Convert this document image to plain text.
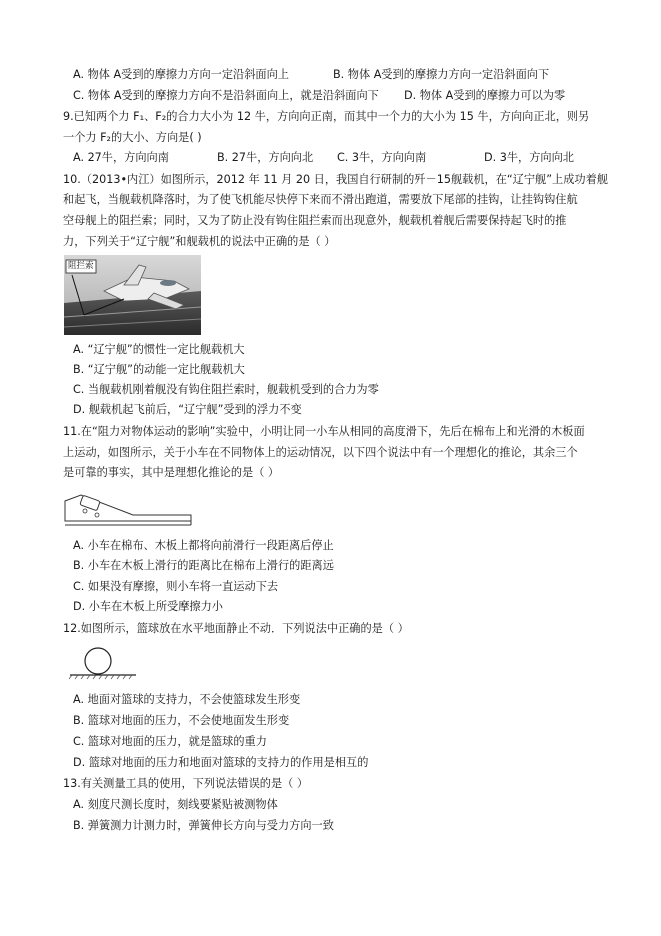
A. 物体 A受到的摩擦力方向一定沿斜面向上	B. 物体 A受到的摩擦力方向一定沿斜面向下
C. 物体 A受到的摩擦力方向不是沿斜面向上，就是沿斜面向下 D. 物体 A受到的摩擦力可以为零
9.已知两个力 F₁、F₂的合力大小为 12 牛，方向向正南，而其中一个力的大小为 15 牛，方向向正北，则另
一个力 F₂的大小、方向是( )
A. 27牛，方向向南	B. 27牛，方向向北 C. 3牛，方向向南	D. 3牛，方向向北
10.（2013•内江）如图所示，2012 年 11 月 20 日，我国自行研制的歼－15舰载机，在“辽宁舰”上成功着舰
和起飞，当舰载机降落时，为了使飞机能尽快停下来而不滑出跑道，需要放下尾部的挂钩，让挂钩钩住航
空母舰上的阻拦索；同时，又为了防止没有钩住阻拦索而出现意外，舰载机着舰后需要保持起飞时的推
力，下列关于“辽宁舰”和舰载机的说法中正确的是（ ）
阻拦索
A. “辽宁舰”的惯性一定比舰载机大
B. “辽宁舰”的动能一定比舰载机大
C. 当舰载机刚着舰没有钩住阻拦索时，舰载机受到的合力为零
D. 舰载机起飞前后，“辽宁舰”受到的浮力不变
11.在“阻力对物体运动的影响”实验中，小明让同一小车从相同的高度滑下，先后在棉布上和光滑的木板面
上运动，如图所示，关于小车在不同物体上的运动情况，以下四个说法中有一个理想化的推论，其余三个
是可靠的事实，其中是理想化推论的是（ ）
A. 小车在棉布、木板上都将向前滑行一段距离后停止
B. 小车在木板上滑行的距离比在棉布上滑行的距离远
C. 如果没有摩擦，则小车将一直运动下去
D. 小车在木板上所受摩擦力小
12.如图所示，篮球放在水平地面静止不动．下列说法中正确的是（ ）
A. 地面对篮球的支持力，不会使篮球发生形变
B. 篮球对地面的压力，不会使地面发生形变
C. 篮球对地面的压力，就是篮球的重力
D. 篮球对地面的压力和地面对篮球的支持力的作用是相互的
13.有关测量工具的使用，下列说法错误的是（ ）
A. 刻度尺测长度时，刻线要紧贴被测物体
B. 弹簧测力计测力时，弹簧伸长方向与受力方向一致
